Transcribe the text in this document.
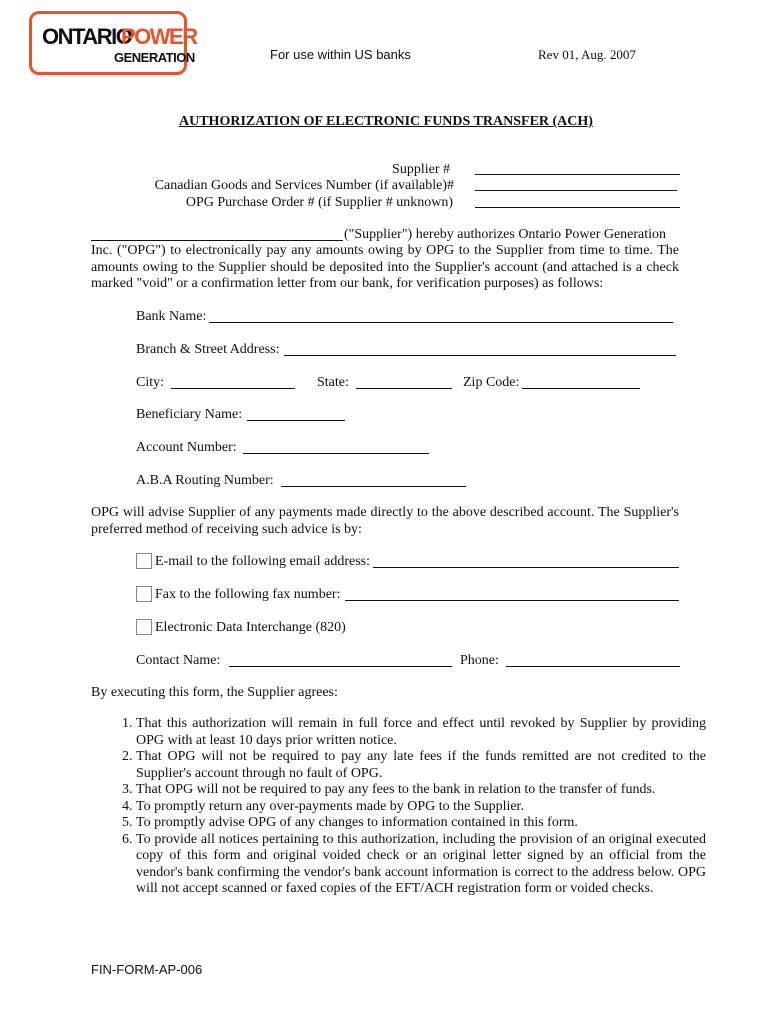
ONTARIO
POWER
GENERATION	For use within US banks	Rev 01, Aug. 2007
AUTHORIZATION OF ELECTRONIC FUNDS TRANSFER (ACH)
Supplier #
Canadian Goods and Services Number (if available)#
OPG Purchase Order # (if Supplier # unknown)
("Supplier") hereby authorizes Ontario Power Generation
Inc. ("OPG") to electronically pay any amounts owing by OPG to the Supplier from time to time. The amounts owing to the Supplier should be deposited into the Supplier's account (and attached is a check marked "void" or a confirmation letter from our bank, for verification purposes) as follows:
Bank Name:
Branch & Street Address:
City:	State:	Zip Code:
Beneficiary Name:
Account Number:
A.B.A Routing Number:
OPG will advise Supplier of any payments made directly to the above described account. The Supplier's preferred method of receiving such advice is by:
E-mail to the following email address:
Fax to the following fax number:
Electronic Data Interchange (820)
Contact Name:	Phone:
By executing this form, the Supplier agrees:
1. That this authorization will remain in full force and effect until revoked by Supplier by providing OPG with at least 10 days prior written notice.
2. That OPG will not be required to pay any late fees if the funds remitted are not credited to the Supplier's account through no fault of OPG.
3. That OPG will not be required to pay any fees to the bank in relation to the transfer of funds.
4. To promptly return any over-payments made by OPG to the Supplier.
5. To promptly advise OPG of any changes to information contained in this form.
6. To provide all notices pertaining to this authorization, including the provision of an original executed copy of this form and original voided check or an original letter signed by an official from the vendor's bank confirming the vendor's bank account information is correct to the address below. OPG will not accept scanned or faxed copies of the EFT/ACH registration form or voided checks.
FIN-FORM-AP-006
